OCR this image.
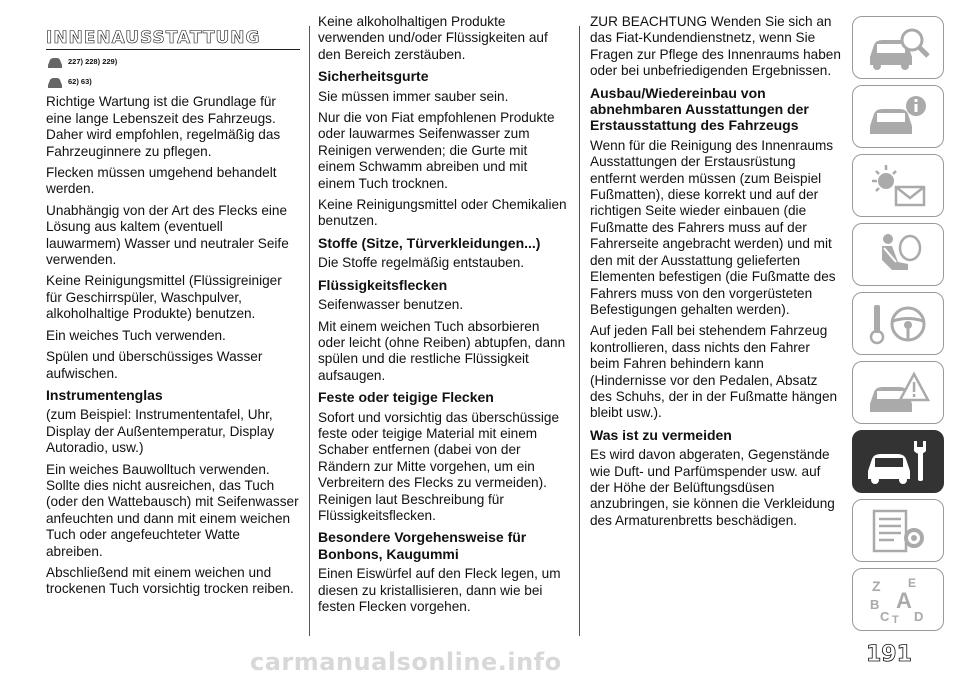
INNENAUSSTATTUNG
227) 228) 229)
62) 63)

Richtige Wartung ist die Grundlage für eine lange Lebenszeit des Fahrzeugs. Daher wird empfohlen, regelmäßig das Fahrzeuginnere zu pflegen.

Flecken müssen umgehend behandelt werden.

Unabhängig von der Art des Flecks eine Lösung aus kaltem (eventuell lauwarmem) Wasser und neutraler Seife verwenden.

Keine Reinigungsmittel (Flüssigreiniger für Geschirrspüler, Waschpulver, alkoholhaltige Produkte) benutzen.

Ein weiches Tuch verwenden.

Spülen und überschüssiges Wasser aufwischen.

Instrumentenglas

(zum Beispiel: Instrumententafel, Uhr, Display der Außentemperatur, Display Autoradio, usw.)

Ein weiches Bauwolltuch verwenden. Sollte dies nicht ausreichen, das Tuch (oder den Wattebausch) mit Seifenwasser anfeuchten und dann mit einem weichen Tuch oder angefeuchteter Watte abreiben.

Abschließend mit einem weichen und trockenen Tuch vorsichtig trocken reiben.

Keine alkoholhaltigen Produkte verwenden und/oder Flüssigkeiten auf den Bereich zerstäuben.

Sicherheitsgurte

Sie müssen immer sauber sein.

Nur die von Fiat empfohlenen Produkte oder lauwarmes Seifenwasser zum Reinigen verwenden; die Gurte mit einem Schwamm abreiben und mit einem Tuch trocknen.

Keine Reinigungsmittel oder Chemikalien benutzen.

Stoffe (Sitze, Türverkleidungen...)

Die Stoffe regelmäßig entstauben.

Flüssigkeitsflecken

Seifenwasser benutzen.

Mit einem weichen Tuch absorbieren oder leicht (ohne Reiben) abtupfen, dann spülen und die restliche Flüssigkeit aufsaugen.

Feste oder teigige Flecken

Sofort und vorsichtig das überschüssige feste oder teigige Material mit einem Schaber entfernen (dabei von der Rändern zur Mitte vorgehen, um ein Verbreitern des Flecks zu vermeiden). Reinigen laut Beschreibung für Flüssigkeitsflecken.

Besondere Vorgehensweise für Bonbons, Kaugummi

Einen Eiswürfel auf den Fleck legen, um diesen zu kristallisieren, dann wie bei festen Flecken vorgehen.

ZUR BEACHTUNG Wenden Sie sich an das Fiat-Kundendienstnetz, wenn Sie Fragen zur Pflege des Innenraums haben oder bei unbefriedigenden Ergebnissen.

Ausbau/Wiedereinbau von abnehmbaren Ausstattungen der Erstausstattung des Fahrzeugs

Wenn für die Reinigung des Innenraums Ausstattungen der Erstausrüstung entfernt werden müssen (zum Beispiel Fußmatten), diese korrekt und auf der richtigen Seite wieder einbauen (die Fußmatte des Fahrers muss auf der Fahrerseite angebracht werden) und mit den mit der Ausstattung gelieferten Elementen befestigen (die Fußmatte des Fahrers muss von den vorgerüsteten Befestigungen gehalten werden).

Auf jeden Fall bei stehendem Fahrzeug kontrollieren, dass nichts den Fahrer beim Fahren behindern kann (Hindernisse vor den Pedalen, Absatz des Schuhs, der in der Fußmatte hängen bleibt usw.).

Was ist zu vermeiden

Es wird davon abgeraten, Gegenstände wie Duft- und Parfümspender usw. auf der Höhe der Belüftungsdüsen anzubringen, sie können die Verkleidung des Armaturenbretts beschädigen.

Z E
A
B
C T D
carmanualsonline.info	191
